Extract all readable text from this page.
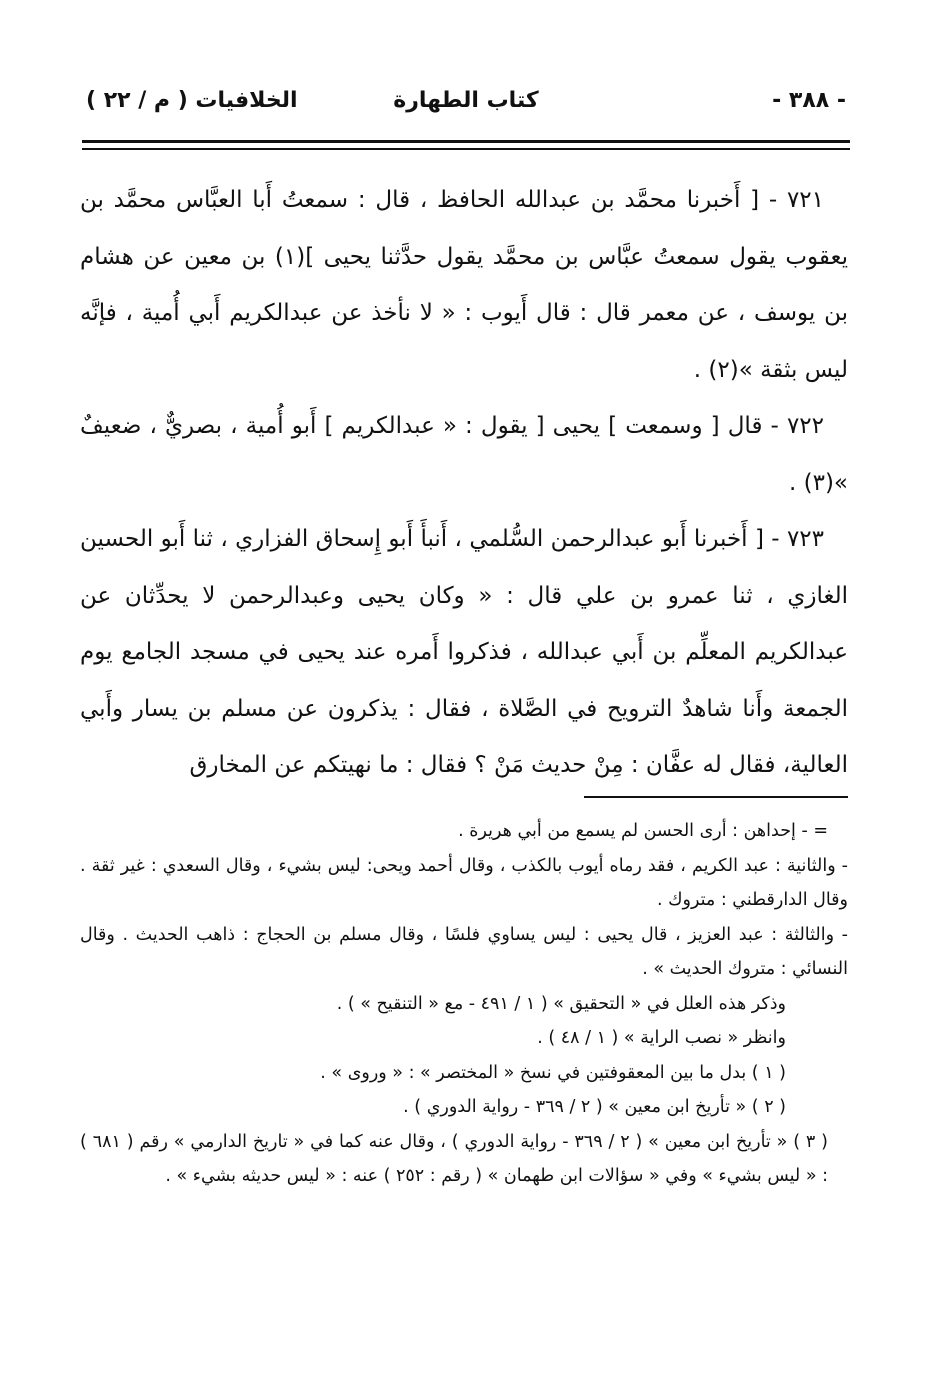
- ٣٨٨ -
كتاب الطهارة
الخلافيات ( م / ٢٢ )

٧٢١ - [ أَخبرنا محمَّد بن عبدالله الحافظ ، قال : سمعتُ أَبا العبَّاس محمَّد بن يعقوب يقول سمعتُ عبَّاس بن محمَّد يقول حدَّثنا يحيى ](١) بن معين عن هشام بن يوسف ، عن معمر قال : قال أَيوب : « لا نأخذ عن عبدالكريم أَبي أُمية ، فإنَّه ليس بثقة »(٢) .

٧٢٢ - قال [ وسمعت ] يحيى [ يقول : « عبدالكريم ] أَبو أُمية ، بصريٌّ ، ضعيفٌ »(٣) .

٧٢٣ - [ أَخبرنا أَبو عبدالرحمن السُّلمي ، أَنبأَ أَبو إِسحاق الفزاري ، ثنا أَبو الحسين الغازي ، ثنا عمرو بن علي قال : « وكان يحيى وعبدالرحمن لا يحدِّثان عن عبدالكريم المعلِّم بن أَبي عبدالله ، فذكروا أَمره عند يحيى في مسجد الجامع يوم الجمعة وأَنا شاهدٌ الترويح في الصَّلاة ، فقال : يذكرون عن مسلم بن يسار وأَبي العالية، فقال له عفَّان : مِنْ حديث مَنْ ؟ فقال : ما نهيتكم عن المخارق

= - إحداهن : أرى الحسن لم يسمع من أبي هريرة .

- والثانية : عبد الكريم ، فقد رماه أيوب بالكذب ، وقال أحمد ويحى: ليس بشيء ، وقال السعدي : غير ثقة . وقال الدارقطني : متروك .

- والثالثة : عبد العزيز ، قال يحيى : ليس يساوي فلسًا ، وقال مسلم بن الحجاج : ذاهب الحديث . وقال النسائي : متروك الحديث » .

وذكر هذه العلل في « التحقيق » ( ١ / ٤٩١ - مع « التنقيح » ) .

وانظر « نصب الراية » ( ١ / ٤٨ ) .

( ١ ) بدل ما بين المعقوفتين في نسخ « المختصر » : « وروى » .

( ٢ ) « تأريخ ابن معين » ( ٢ / ٣٦٩ - رواية الدوري ) .

( ٣ ) « تأريخ ابن معين » ( ٢ / ٣٦٩ - رواية الدوري ) ، وقال عنه كما في « تاريخ الدارمي » رقم ( ٦٨١ ) : « ليس بشيء » وفي « سؤالات ابن طهمان » ( رقم : ٢٥٢ ) عنه : « ليس حديثه بشيء » .
